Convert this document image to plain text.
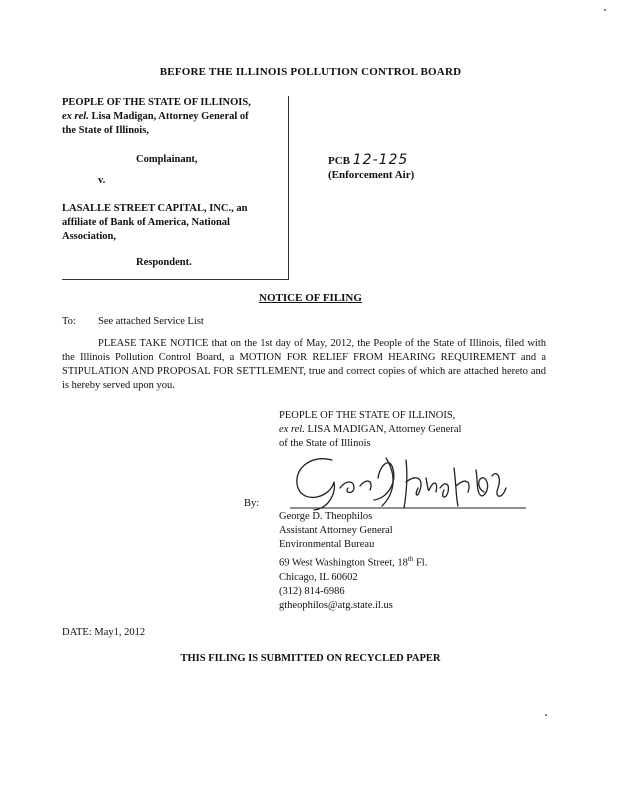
BEFORE THE ILLINOIS POLLUTION CONTROL BOARD
PEOPLE OF THE STATE OF ILLINOIS,
ex rel. Lisa Madigan, Attorney General of
the State of Illinois,
Complainant,
v.
LASALLE STREET CAPITAL, INC., an
affiliate of Bank of America, National
Association,
Respondent.
PCB 12-125
(Enforcement Air)
NOTICE OF FILING
To: See attached Service List
PLEASE TAKE NOTICE that on the 1st day of May, 2012, the People of the State of Illinois, filed with the Illinois Pollution Control Board, a MOTION FOR RELIEF FROM HEARING REQUIREMENT and a STIPULATION AND PROPOSAL FOR SETTLEMENT, true and correct copies of which are attached hereto and is hereby served upon you.
PEOPLE OF THE STATE OF ILLINOIS,
ex rel. LISA MADIGAN, Attorney General
of the State of Illinois
By:
George D. Theophilos
Assistant Attorney General
Environmental Bureau
69 West Washington Street, 18th Fl.
Chicago, IL 60602
(312) 814-6986
gtheophilos@atg.state.il.us
DATE: May1, 2012
THIS FILING IS SUBMITTED ON RECYCLED PAPER
